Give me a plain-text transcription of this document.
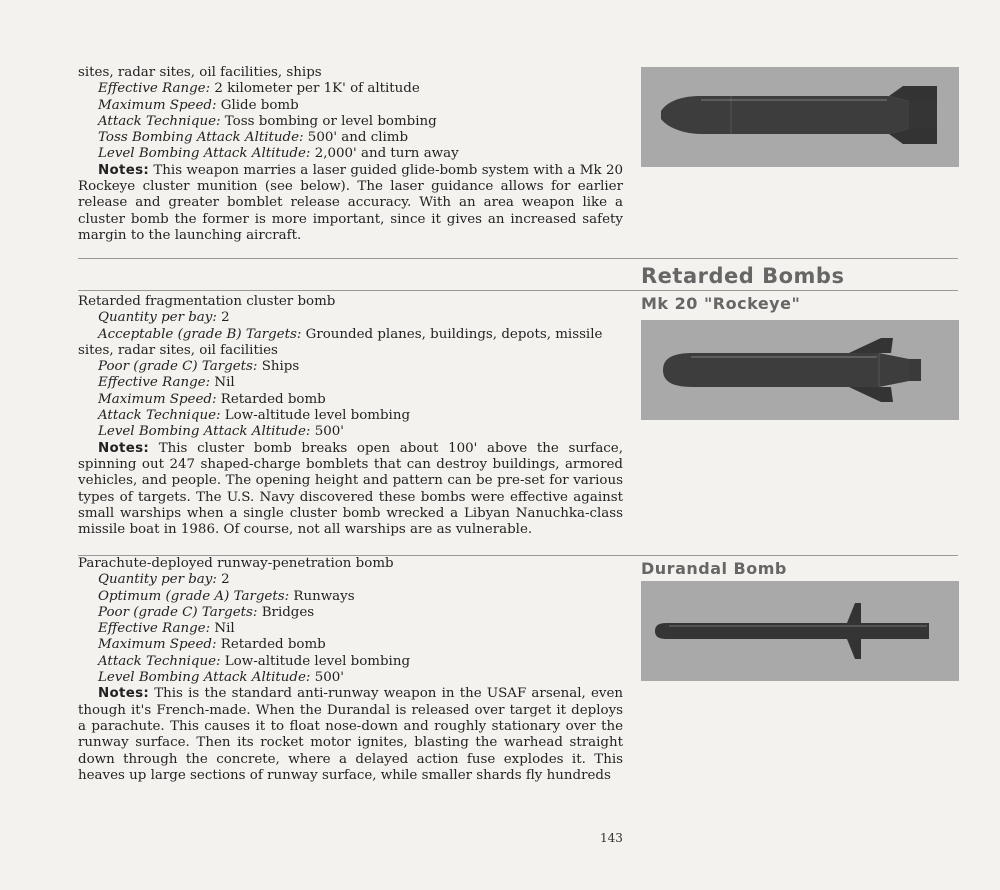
sites, radar sites, oil facilities, ships

Effective Range: 2 kilometer per 1K' of altitude

Maximum Speed: Glide bomb

Attack Technique: Toss bombing or level bombing

Toss Bombing Attack Altitude: 500' and climb

Level Bombing Attack Altitude: 2,000' and turn away

Notes: This weapon marries a laser guided glide-bomb system with a Mk 20 Rockeye cluster munition (see below). The laser guidance allows for earlier release and greater bomblet release accuracy. With an area weapon like a cluster bomb the former is more important, since it gives an increased safety margin to the launching aircraft.

Retarded Bombs
Mk 20 "Rockeye"

Retarded fragmentation cluster bomb

Quantity per bay: 2

Acceptable (grade B) Targets: Grounded planes, buildings, depots, missile sites, radar sites, oil facilities

Poor (grade C) Targets: Ships

Effective Range: Nil

Maximum Speed: Retarded bomb

Attack Technique: Low-altitude level bombing

Level Bombing Attack Altitude: 500'

Notes: This cluster bomb breaks open about 100' above the surface, spinning out 247 shaped-charge bomblets that can destroy buildings, armored vehicles, and people. The opening height and pattern can be pre-set for various types of targets. The U.S. Navy discovered these bombs were effective against small warships when a single cluster bomb wrecked a Libyan Nanuchka-class missile boat in 1986. Of course, not all warships are as vulnerable.

Durandal Bomb

Parachute-deployed runway-penetration bomb

Quantity per bay: 2

Optimum (grade A) Targets: Runways

Poor (grade C) Targets: Bridges

Effective Range: Nil

Maximum Speed: Retarded bomb

Attack Technique: Low-altitude level bombing

Level Bombing Attack Altitude: 500'

Notes: This is the standard anti-runway weapon in the USAF arsenal, even though it's French-made. When the Durandal is released over target it deploys a parachute. This causes it to float nose-down and roughly stationary over the runway surface. Then its rocket motor ignites, blasting the warhead straight down through the concrete, where a delayed action fuse explodes it. This heaves up large sections of runway surface, while smaller shards fly hundreds

143
